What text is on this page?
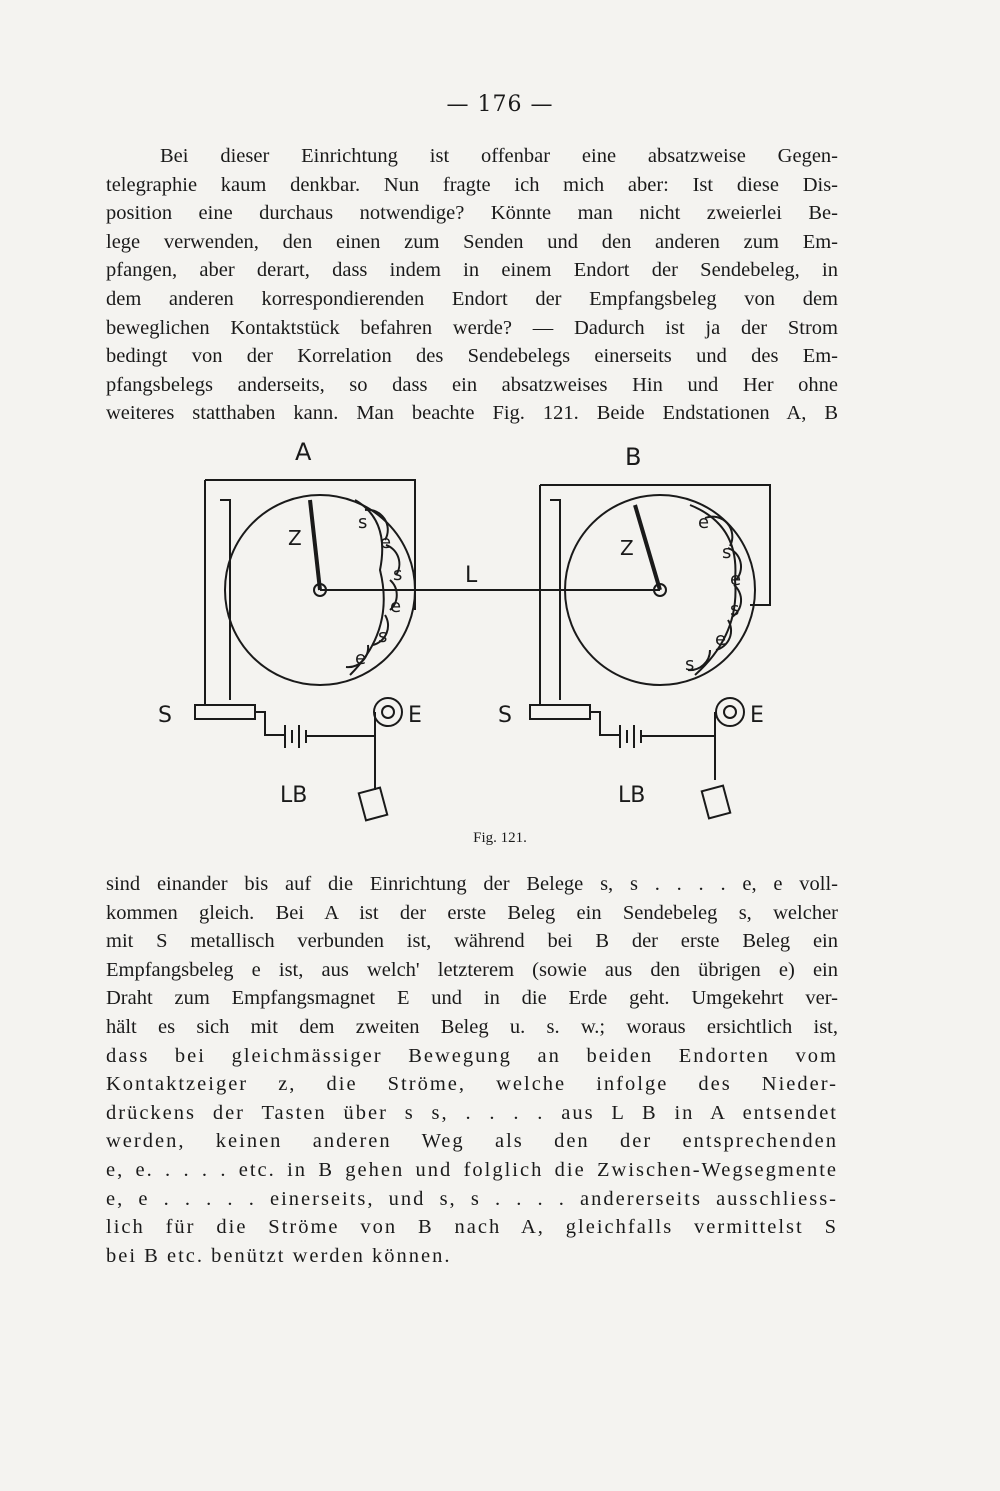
— 176 —
Bei dieser Einrichtung ist offenbar eine absatzweise Gegen-
telegraphie kaum denkbar. Nun fragte ich mich aber: Ist diese Dis-
position eine durchaus notwendige? Könnte man nicht zweierlei Be-
lege verwenden, den einen zum Senden und den anderen zum Em-
pfangen, aber derart, dass indem in einem Endort der Sendebeleg, in
dem anderen korrespondierenden Endort der Empfangsbeleg von dem
beweglichen Kontaktstück befahren werde? — Dadurch ist ja der Strom
bedingt von der Korrelation des Sendebelegs einerseits und des Em-
pfangsbelegs anderseits, so dass ein absatzweises Hin und Her ohne
weiteres statthaben kann. Man beachte Fig. 121. Beide Endstationen A, B
A	B
L
Z	Z
S	S
E	E
LB	LB
s
e
s
e
s
e
e
s
e
s
e
s
Fig. 121.
sind einander bis auf die Einrichtung der Belege s, s . . . . e, e voll-
kommen gleich. Bei A ist der erste Beleg ein Sendebeleg s, welcher
mit S metallisch verbunden ist, während bei B der erste Beleg ein
Empfangsbeleg e ist, aus welch' letzterem (sowie aus den übrigen e) ein
Draht zum Empfangsmagnet E und in die Erde geht. Umgekehrt ver-
hält es sich mit dem zweiten Beleg u. s. w.; woraus ersichtlich ist,
dass bei gleichmässiger Bewegung an beiden Endorten vom
Kontaktzeiger z, die Ströme, welche infolge des Nieder-
drückens der Tasten über s s, . . . . aus L B in A entsendet
werden, keinen anderen Weg als den der entsprechenden
e, e. . . . . etc. in B gehen und folglich die Zwischen-Wegsegmente
e, e . . . . . einerseits, und s, s . . . . andererseits ausschliess-
lich für die Ströme von B nach A, gleichfalls vermittelst S
bei B etc. benützt werden können.
